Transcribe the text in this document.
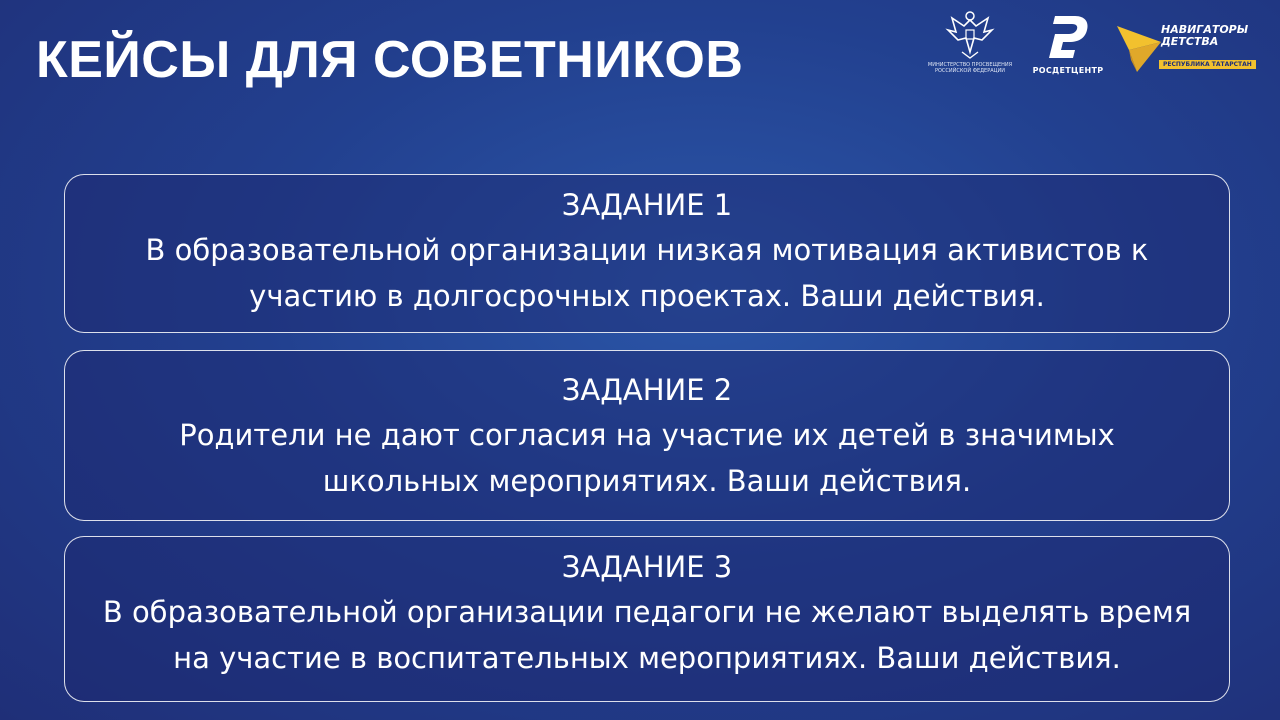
КЕЙСЫ ДЛЯ СОВЕТНИКОВ	МИНИСТЕРСТВО ПРОСВЕЩЕНИЯ РОССИЙСКОЙ ФЕДЕРАЦИИ	РОСДЕТЦЕНТР
НАВИГАТОРЫ
ДЕТСТВА
РЕСПУБЛИКА ТАТАРСТАН
ЗАДАНИЕ 1
В образовательной организации низкая мотивация активистов к
участию в долгосрочных проектах. Ваши действия.
ЗАДАНИЕ 2
Родители не дают согласия на участие их детей в значимых
школьных мероприятиях. Ваши действия.
ЗАДАНИЕ 3
В образовательной организации педагоги не желают выделять время
на участие в воспитательных мероприятиях. Ваши действия.
